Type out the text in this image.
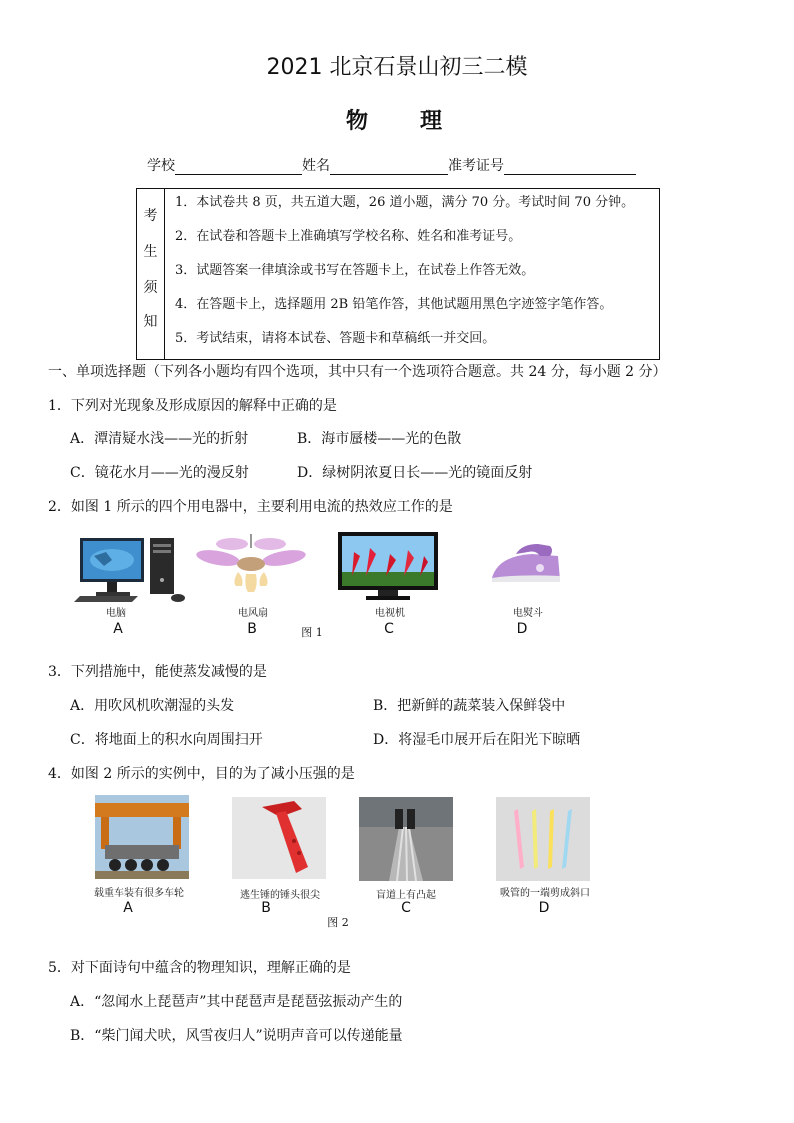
2021 北京石景山初三二模
物 理
学校	姓名	准考证号
考
生
须
知
1．本试卷共 8 页，共五道大题，26 道小题，满分 70 分。考试时间 70 分钟。
2．在试卷和答题卡上准确填写学校名称、姓名和准考证号。
3．试题答案一律填涂或书写在答题卡上，在试卷上作答无效。
4．在答题卡上，选择题用 2B 铅笔作答，其他试题用黑色字迹签字笔作答。
5．考试结束，请将本试卷、答题卡和草稿纸一并交回。
一、单项选择题（下列各小题均有四个选项，其中只有一个选项符合题意。共 24 分，每小题 2 分）
1．下列对光现象及形成原因的解释中正确的是
A．潭清疑水浅——光的折射	B．海市蜃楼——光的色散
C．镜花水月——光的漫反射	D．绿树阴浓夏日长——光的镜面反射
2．如图 1 所示的四个用电器中，主要利用电流的热效应工作的是
电脑	电风扇	电视机	电熨斗
A	B	图 1	C	D
3．下列措施中，能使蒸发减慢的是
A．用吹风机吹潮湿的头发	B．把新鲜的蔬菜装入保鲜袋中
C．将地面上的积水向周围扫开	D．将湿毛巾展开后在阳光下晾晒
4．如图 2 所示的实例中，目的为了减小压强的是
载重车装有很多车轮	逃生锤的锤头很尖	盲道上有凸起	吸管的一端剪成斜口
A	B	C	D
图 2
5．对下面诗句中蕴含的物理知识，理解正确的是
A．“忽闻水上琵琶声”其中琵琶声是琵琶弦振动产生的
B．“柴门闻犬吠，风雪夜归人”说明声音可以传递能量
